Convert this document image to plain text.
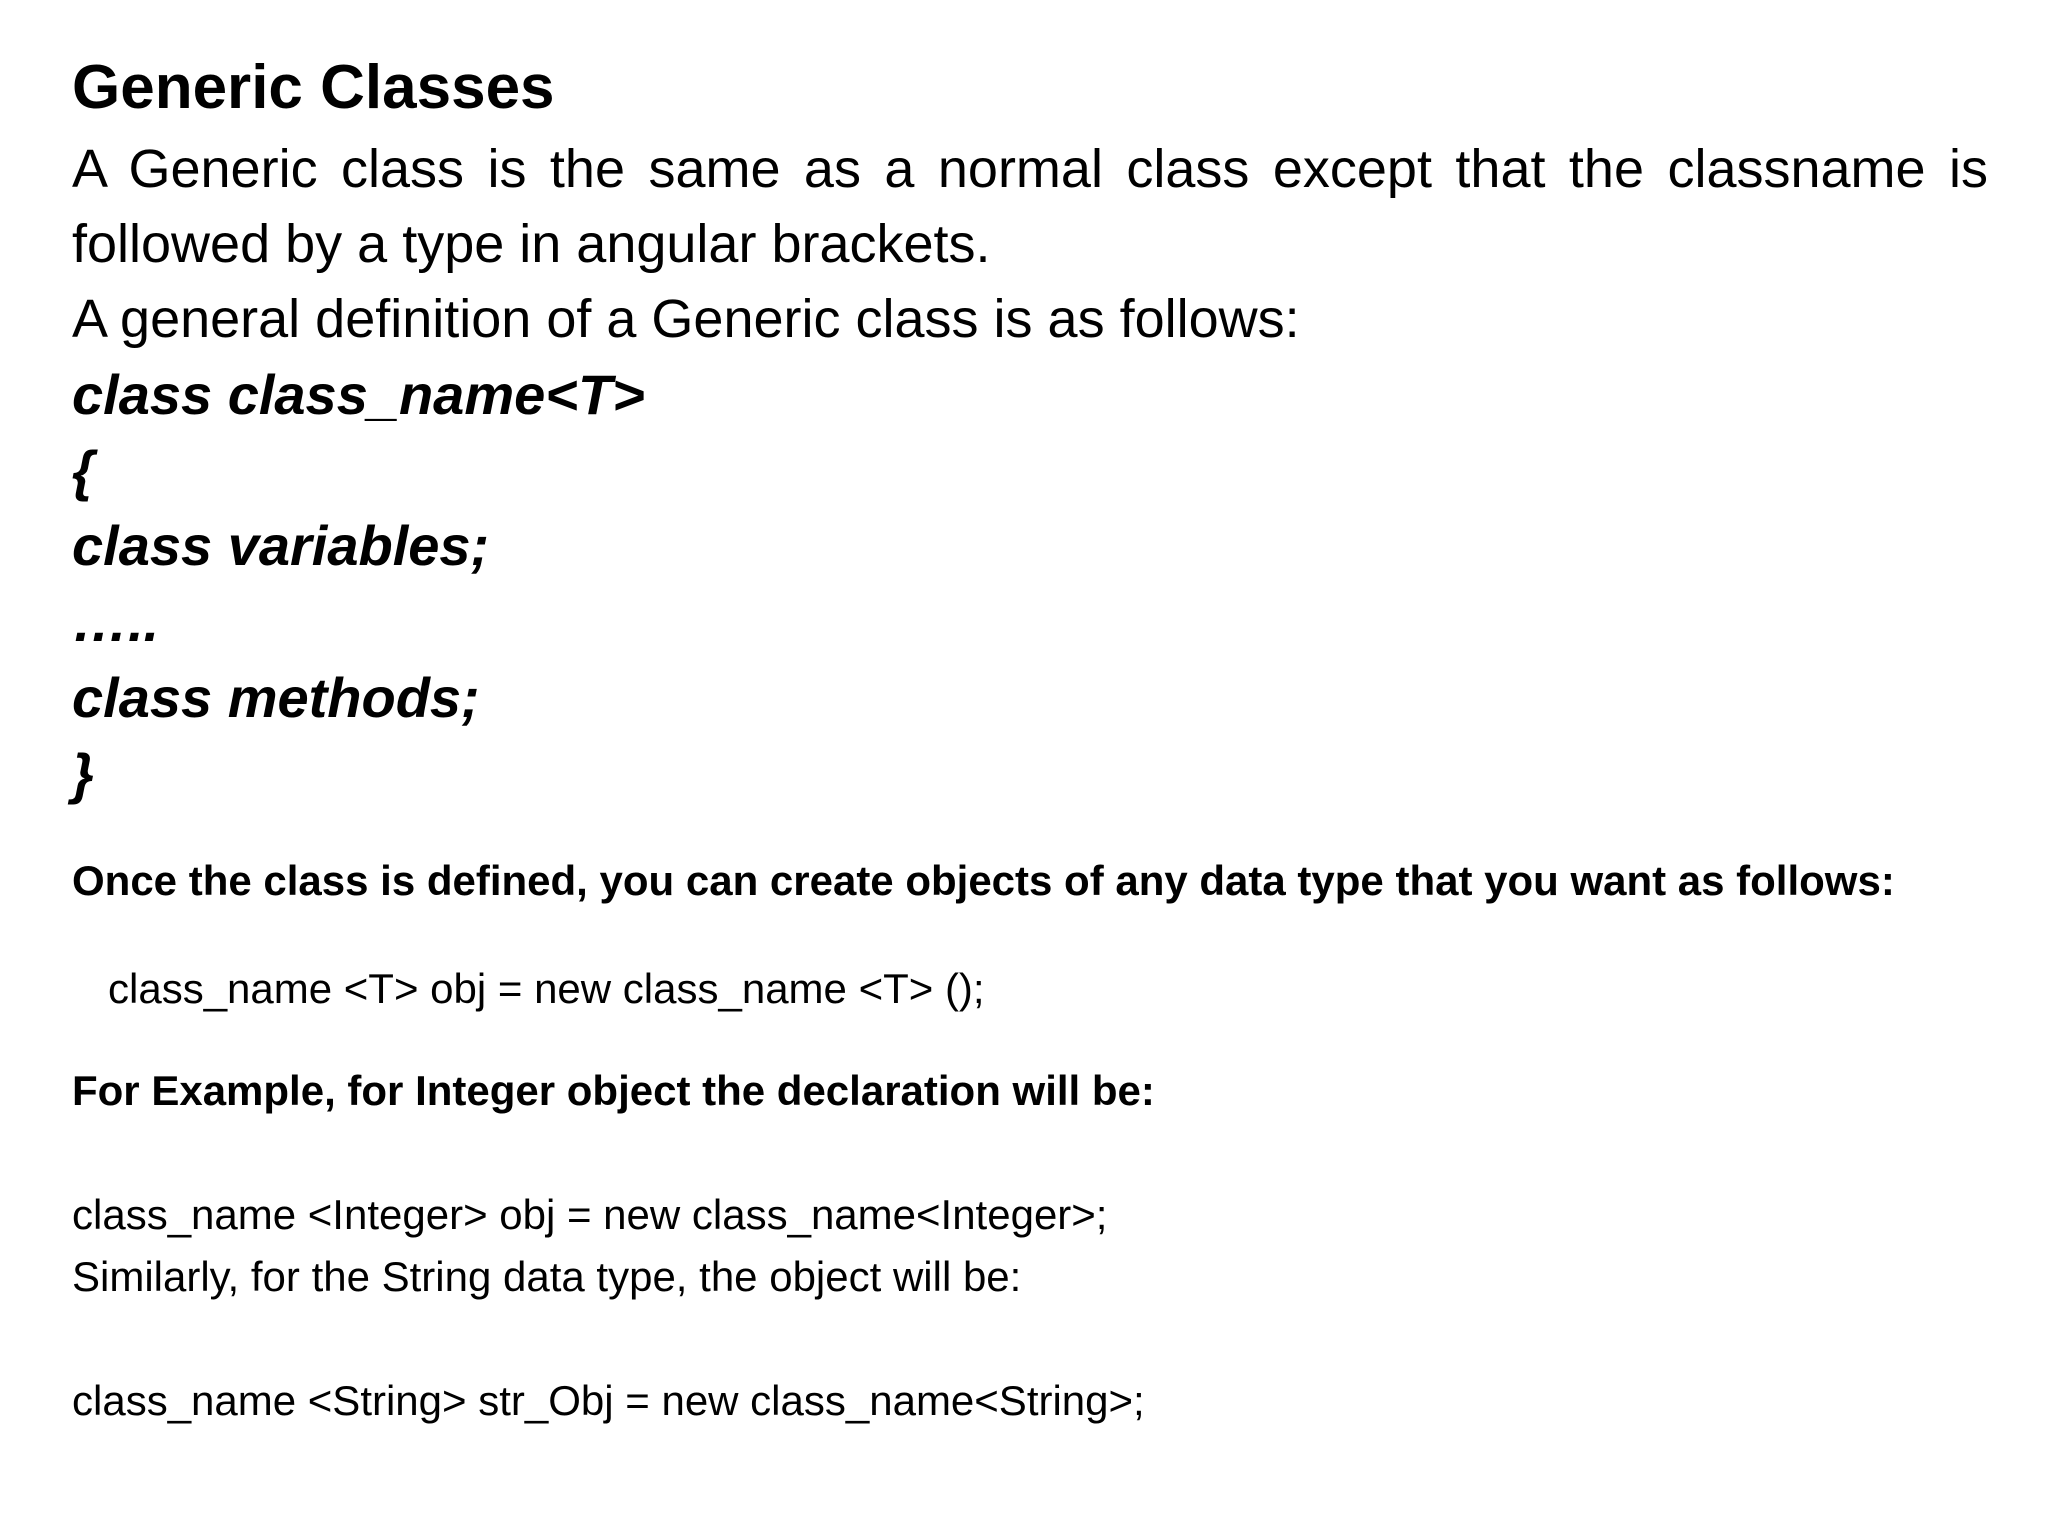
Generic Classes

A Generic class is the same as a normal class except that the classname is

followed by a type in angular brackets.

A general definition of a Generic class is as follows:

class class_name<T>

{

class variables;

…..

class methods;

}

Once the class is defined, you can create objects of any data type that you want as follows:

class_name <T> obj = new class_name <T> ();

For Example, for Integer object the declaration will be:

class_name <Integer> obj = new class_name<Integer>;

Similarly, for the String data type, the object will be:

class_name <String> str_Obj = new class_name<String>;
